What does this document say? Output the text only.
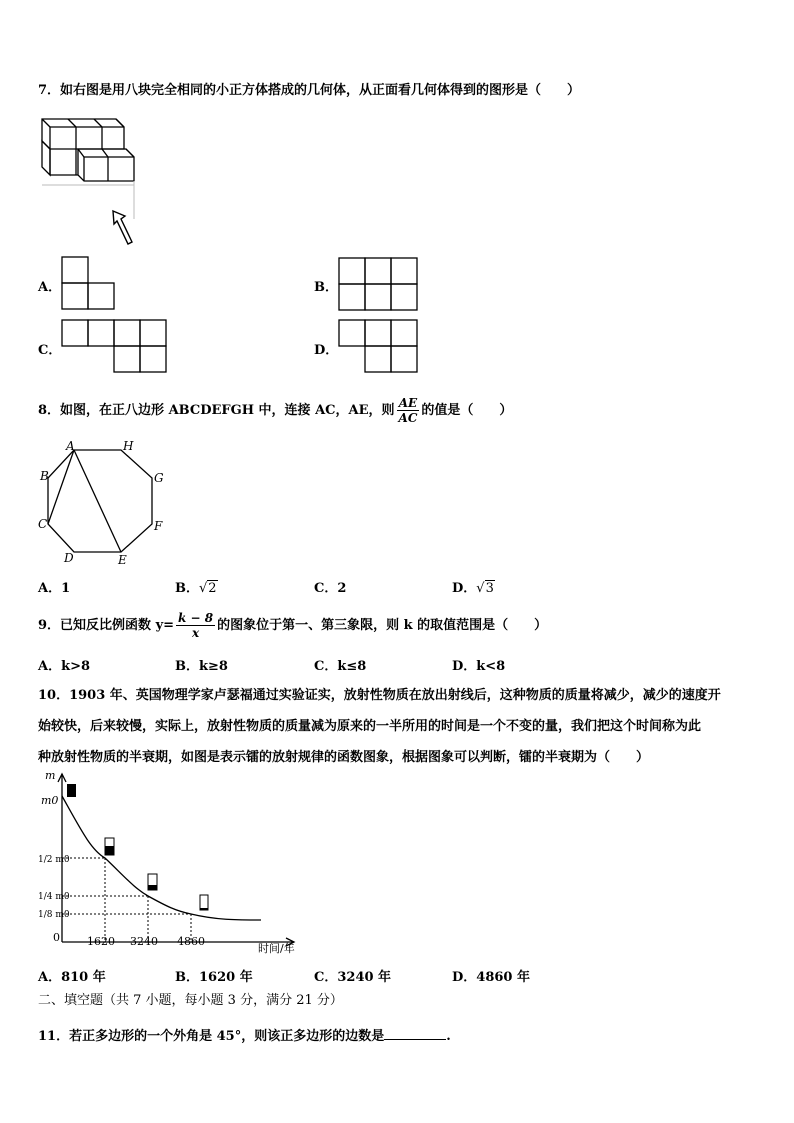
7．如右图是用八块完全相同的小正方体搭成的几何体，从正面看几何体得到的图形是（　　）
A．	B．
C．	D．
8．如图，在正八边形 ABCDEFGH 中，连接 AC，AE，则 $\frac{AE}{AC}$ 的值是（　　）
A	H
B	G
C	F
D	E
A．1	B．√2	C．2	D．√3
9．已知反比例函数 $y= \frac{k - 8}{x}$ 的图象位于第一、第三象限，则 k 的取值范围是（　　）
A．k>8	B．k≥8	C．k≤8	D．k<8
10．1903 年、英国物理学家卢瑟福通过实验证实，放射性物质在放出射线后，这种物质的质量将减少，减少的速度开
始较快，后来较慢，实际上，放射性物质的质量减为原来的一半所用的时间是一个不变的量，我们把这个时间称为此
种放射性物质的半衰期，如图是表示镭的放射规律的函数图象，根据图象可以判断，镭的半衰期为（　　）
m
m0
1/2 m0
1/4 m0
1/8 m0
0 1620 3240 4860
时间/年
A．810 年	B．1620 年	C．3240 年	D．4860 年
二、填空题（共 7 小题，每小题 3 分，满分 21 分）
11．若正多边形的一个外角是 45°，则该正多边形的边数是	.
